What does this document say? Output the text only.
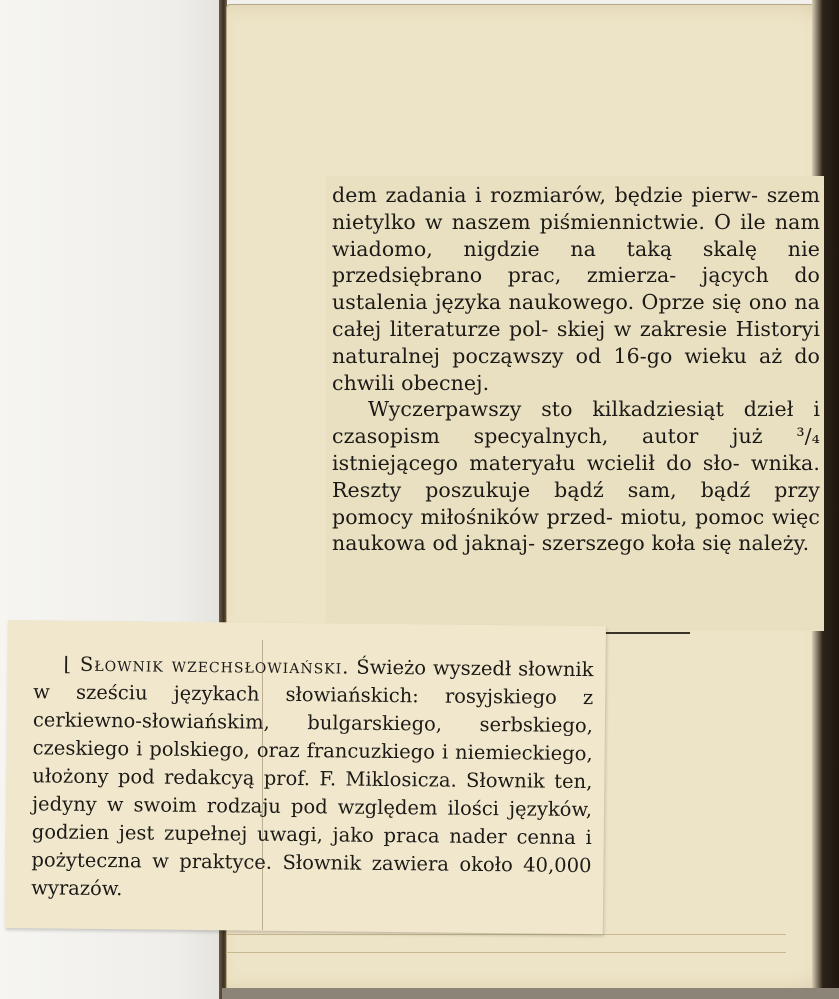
dem zadania i rozmiarów, będzie pierw- szem nietylko w naszem piśmiennictwie. O ile nam wiadomo, nigdzie na taką skalę nie przedsiębrano prac, zmierza- jących do ustalenia języka naukowego. Oprze się ono na całej literaturze pol- skiej w zakresie Historyi naturalnej począwszy od 16-go wieku aż do chwili obecnej.

Wyczerpawszy sto kilkadziesiąt dzieł i czasopism specyalnych, autor już ³/₄ istniejącego materyału wcielił do sło- wnika. Reszty poszukuje bądź sam, bądź przy pomocy miłośników przed- miotu, pomoc więc naukowa od jaknaj- szerszego koła się należy.

⌊ Słownik wzechsłowiański. Świeżo wyszedł słownik w sześciu językach słowiańskich: rosyjskiego z cerkiewno-słowiańskim, bulgarskiego, serbskiego, czeskiego i polskiego, oraz francuzkiego i niemieckiego, ułożony pod redakcyą prof. F. Miklosicza. Słownik ten, jedyny w swoim rodzaju pod względem ilości języków, godzien jest zupełnej uwagi, jako praca nader cenna i pożyteczna w praktyce. Słownik zawiera około 40,000 wyrazów.
